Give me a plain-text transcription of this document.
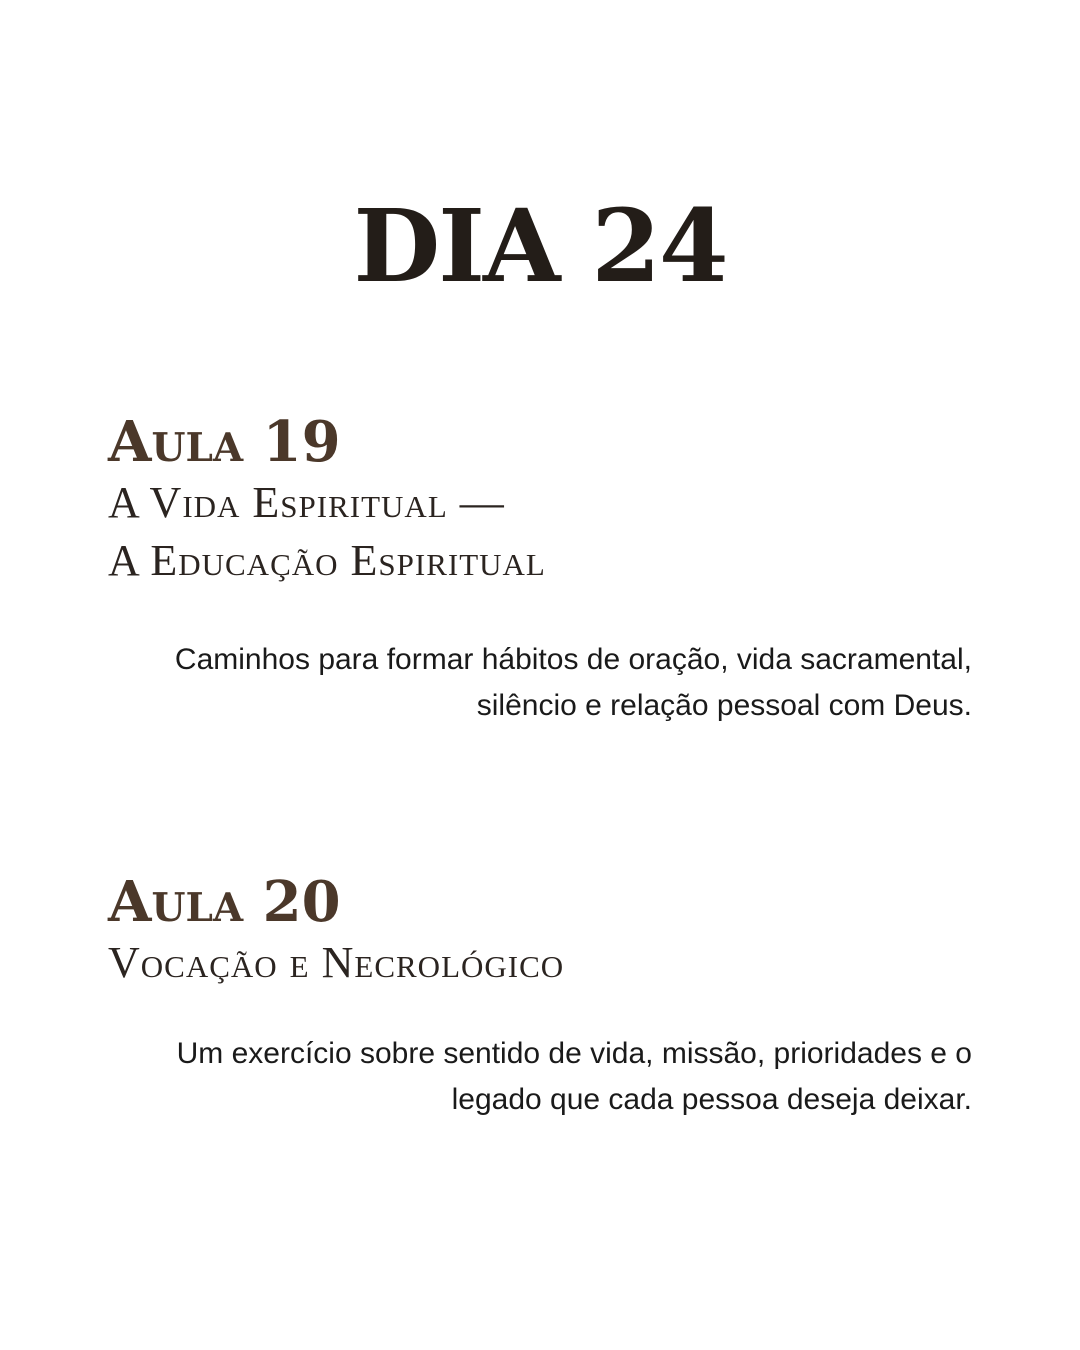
DIA 24
Aula 19

A Vida Espiritual —

A Educação Espiritual

Caminhos para formar hábitos de oração, vida sacramental, silêncio e relação pessoal com Deus.

Aula 20

Vocação e Necrológico

Um exercício sobre sentido de vida, missão, prioridades e o legado que cada pessoa deseja deixar.
